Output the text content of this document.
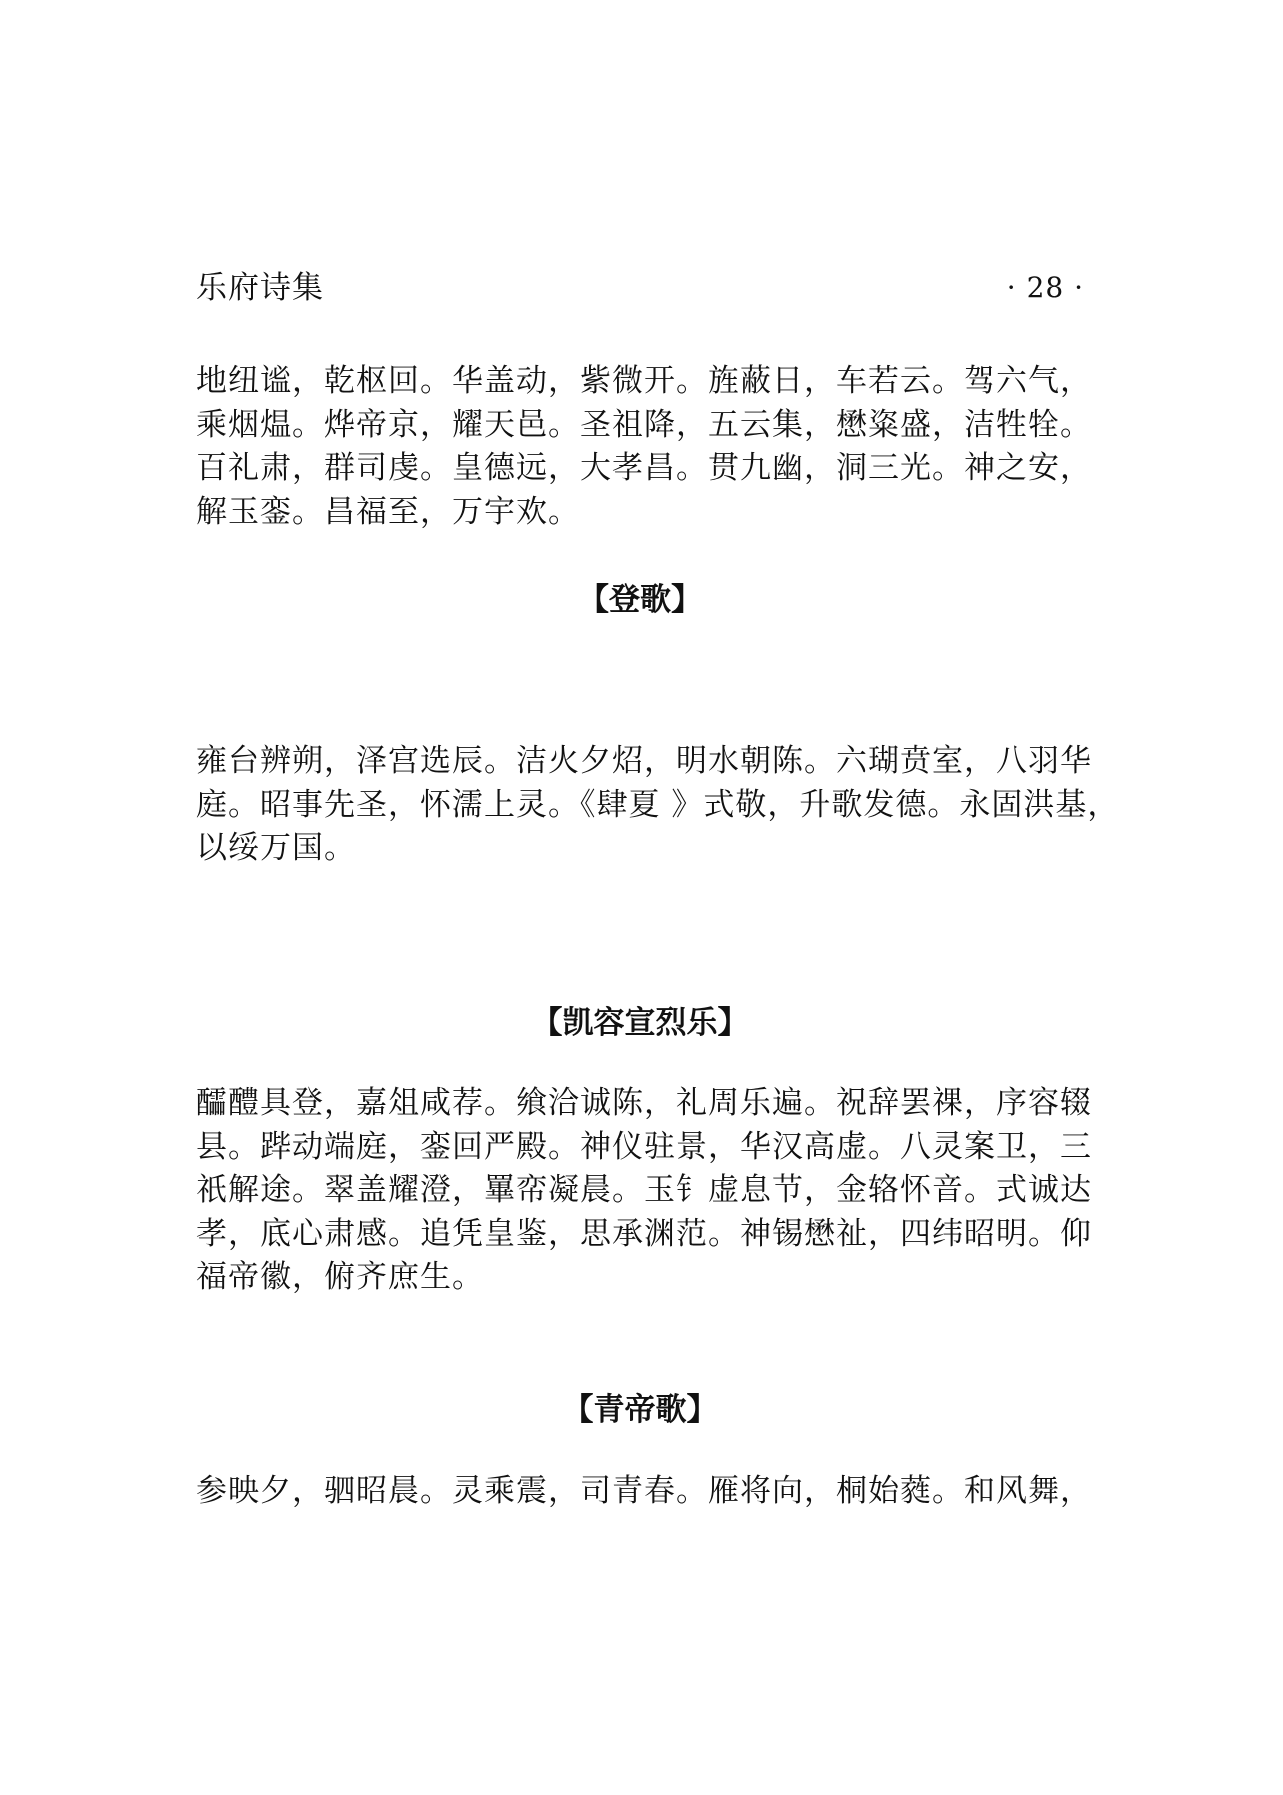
乐府诗集	· 28 ·

地纽谧，乾枢回。华盖动，紫微开。旌蔽日，车若云。驾六气，乘烟煴。烨帝京，耀天邑。圣祖降，五云集，懋粢盛，洁牲牷。百礼肃，群司虔。皇德远，大孝昌。贯九幽，洞三光。神之安，解玉銮。昌福至，万宇欢。

【登歌】

雍台辨朔，泽宫选辰。洁火夕炤，明水朝陈。六瑚贲室，八羽华庭。昭事先圣，怀濡上灵。《肆夏 》式敬，升歌发德。永固洪基，以绥万国。

【凯容宣烈乐】

醽醴具登，嘉俎咸荐。飨洽诚陈，礼周乐遍。祝辞罢祼，序容辍县。跸动端庭，銮回严殿。神仪驻景，华汉高虚。八灵案卫，三祇解途。翠盖耀澄，罼帟凝晨。玉钅虚息节，金辂怀音。式诚达孝，底心肃感。追凭皇鉴，思承渊范。神锡懋祉，四纬昭明。仰福帝徽，俯齐庶生。

【青帝歌】

参映夕，驷昭晨。灵乘震，司青春。雁将向，桐始蕤。和风舞，
